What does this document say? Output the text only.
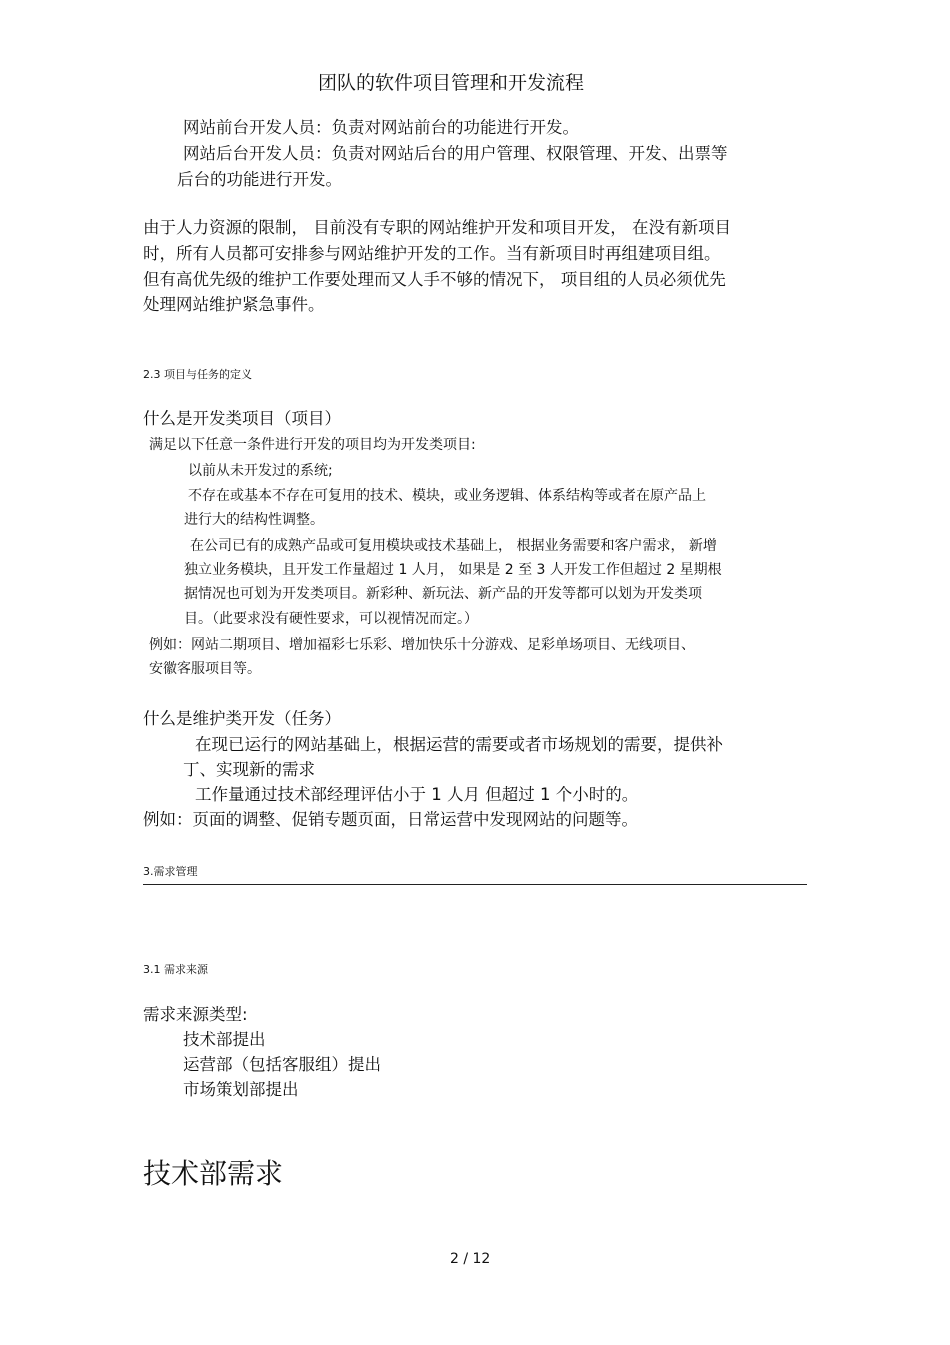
团队的软件项目管理和开发流程
网站前台开发人员：负责对网站前台的功能进行开发。
网站后台开发人员：负责对网站后台的用户管理、权限管理、开发、出票等
后台的功能进行开发。
由于人力资源的限制， 目前没有专职的网站维护开发和项目开发， 在没有新项目
时，所有人员都可安排参与网站维护开发的工作。当有新项目时再组建项目组。
但有高优先级的维护工作要处理而又人手不够的情况下， 项目组的人员必须优先
处理网站维护紧急事件。
2.3 项目与任务的定义
什么是开发类项目（项目）
满足以下任意一条件进行开发的项目均为开发类项目:
以前从未开发过的系统;
不存在或基本不存在可复用的技术、模块，或业务逻辑、体系结构等或者在原产品上
进行大的结构性调整。
在公司已有的成熟产品或可复用模块或技术基础上， 根据业务需要和客户需求， 新增
独立业务模块，且开发工作量超过 1 人月， 如果是 2 至 3 人开发工作但超过 2 星期根
据情况也可划为开发类项目。新彩种、新玩法、新产品的开发等都可以划为开发类项
目。（此要求没有硬性要求，可以视情况而定。）
例如：网站二期项目、增加福彩七乐彩、增加快乐十分游戏、足彩单场项目、无线项目、
安徽客服项目等。
什么是维护类开发（任务）
在现已运行的网站基础上，根据运营的需要或者市场规划的需要，提供补
丁、实现新的需求
工作量通过技术部经理评估小于 1 人月 但超过 1 个小时的。
例如：页面的调整、促销专题页面，日常运营中发现网站的问题等。
3.需求管理
3.1 需求来源
需求来源类型:
技术部提出
运营部（包括客服组）提出
市场策划部提出
技术部需求
2 / 12
